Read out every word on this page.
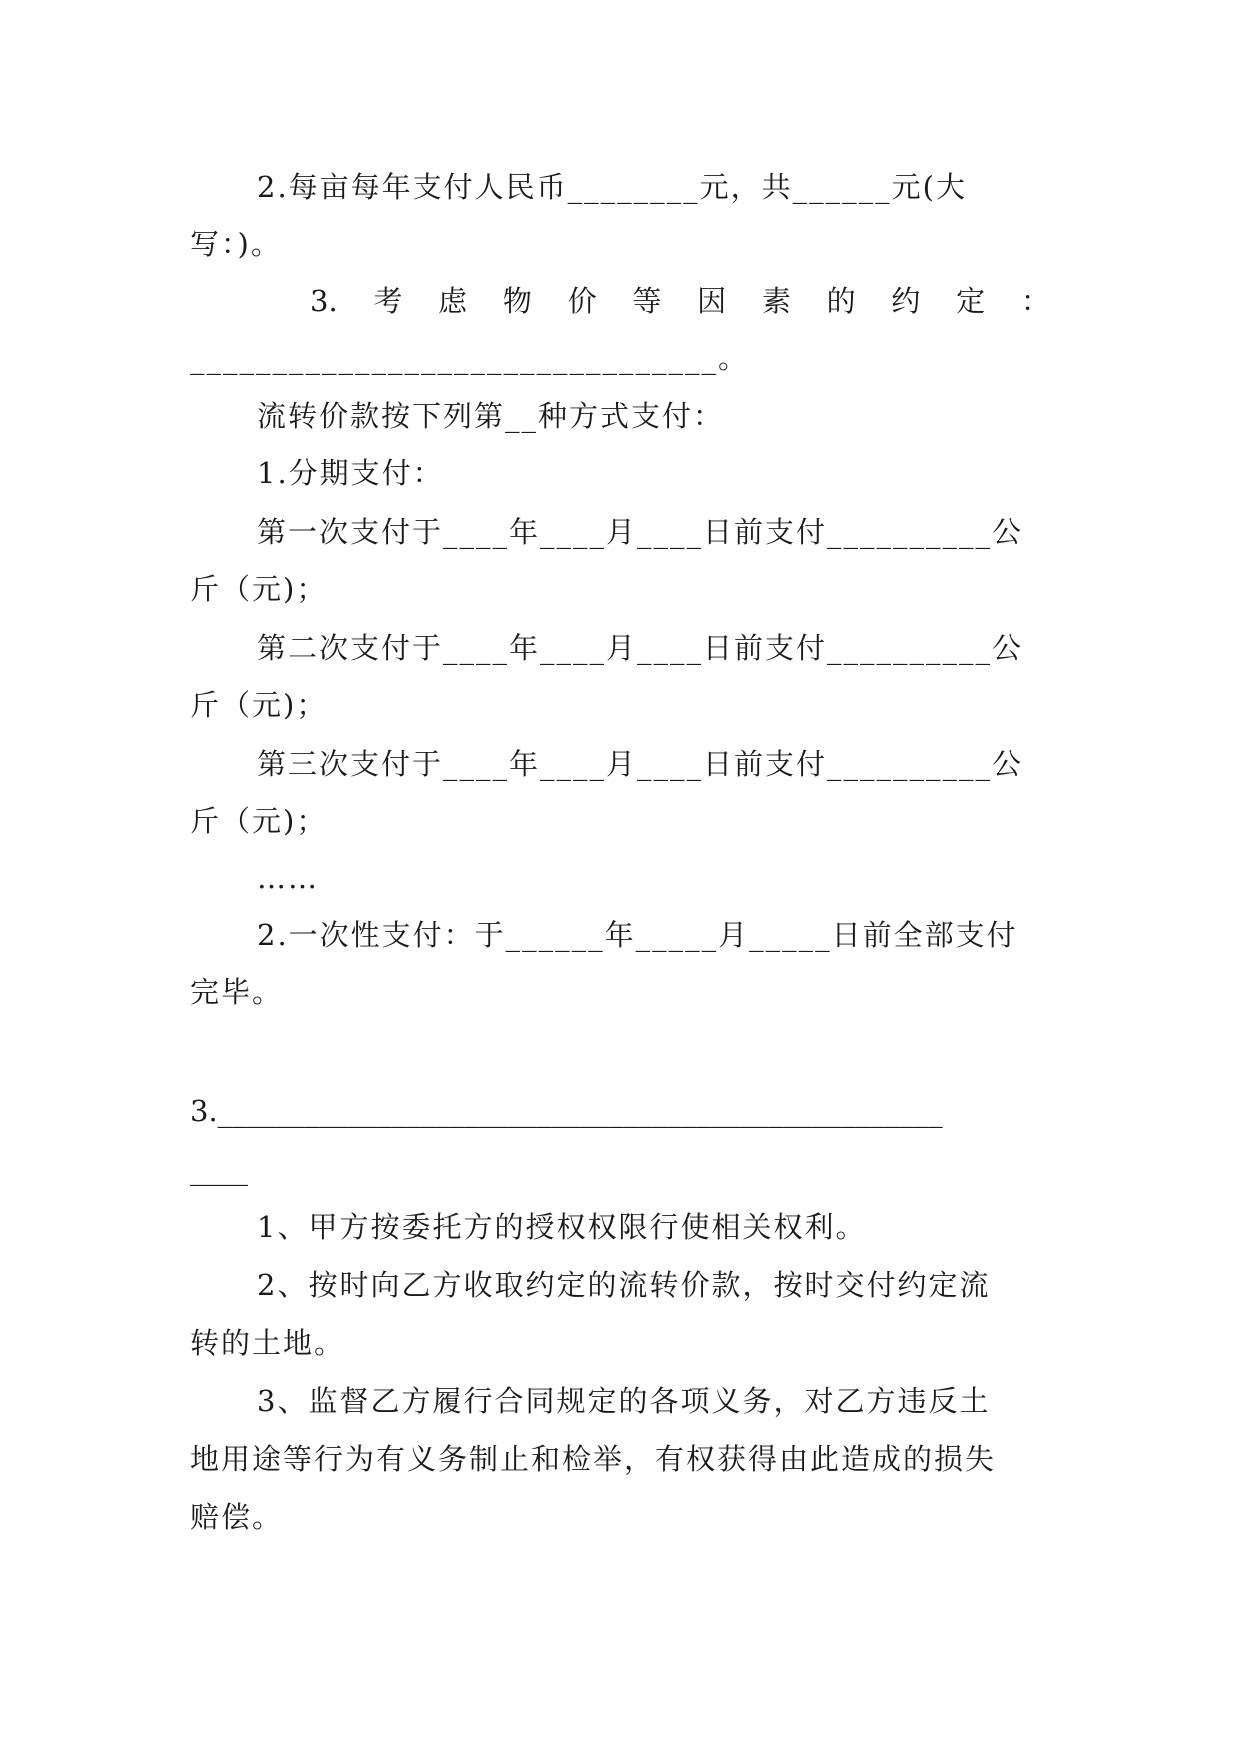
2.每亩每年支付人民币________元，共______元(大
写：)。
3. 考 虑 物 价 等 因 素 的 约 定 ：
________________________________。
流转价款按下列第__种方式支付：
1.分期支付：
第一次支付于____年____月____日前支付__________公
斤（元)；
第二次支付于____年____月____日前支付__________公
斤（元)；
第三次支付于____年____月____日前支付__________公
斤（元)；
……
2.一次性支付：于______年_____月_____日前全部支付
完毕。
3.__________________________________________________
____
1、甲方按委托方的授权权限行使相关权利。
2、按时向乙方收取约定的流转价款，按时交付约定流
转的土地。
3、监督乙方履行合同规定的各项义务，对乙方违反土
地用途等行为有义务制止和检举，有权获得由此造成的损失
赔偿。
